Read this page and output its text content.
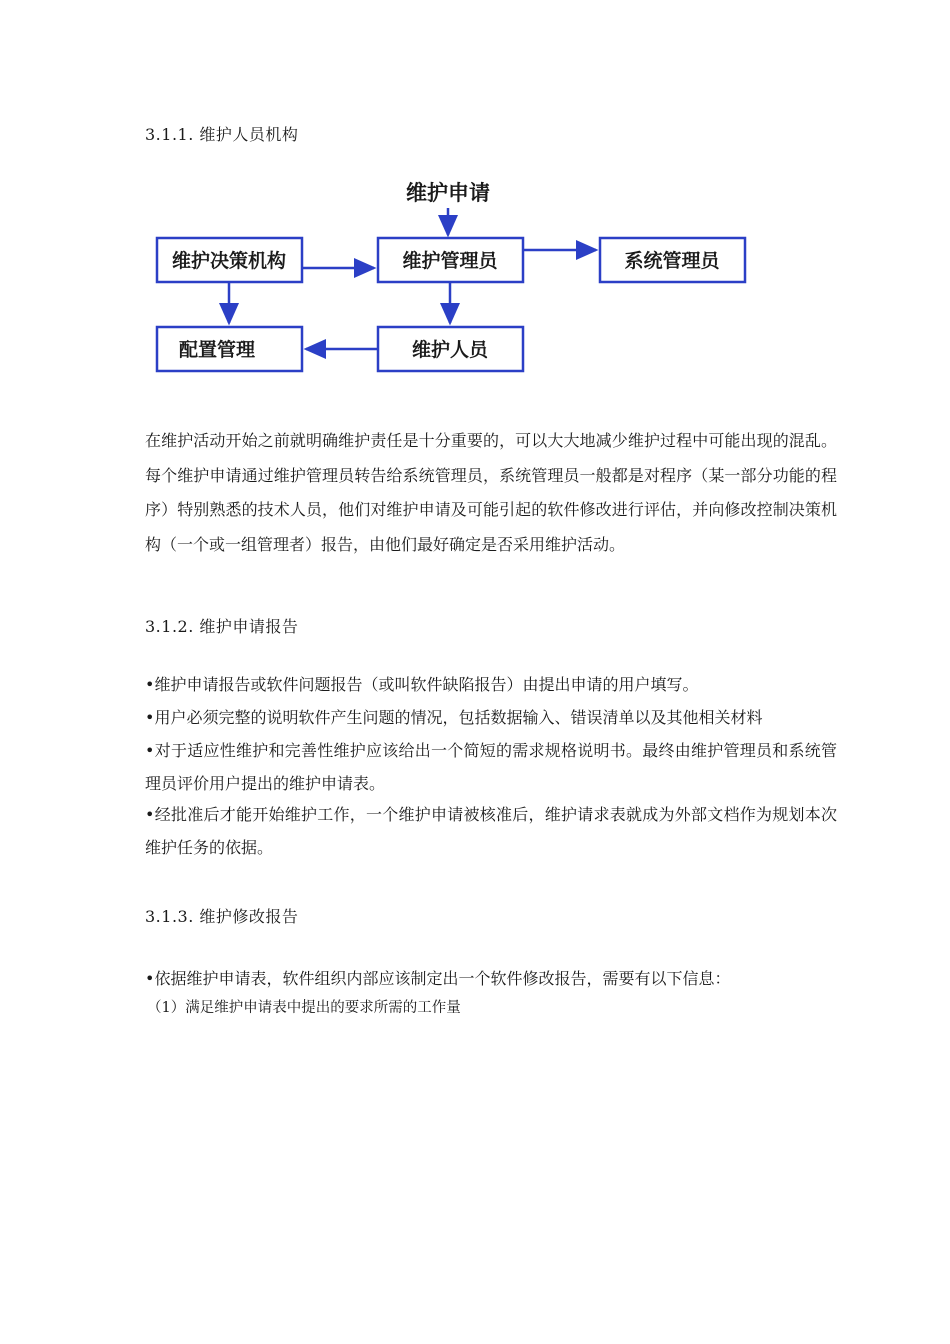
3.1.1. 维护人员机构
维护申请
维护决策机构	维护管理员	系统管理员
配置管理	维护人员
在维护活动开始之前就明确维护责任是十分重要的，可以大大地减少维护过程中可能出现的混乱。每个维护申请通过维护管理员转告给系统管理员，系统管理员一般都是对程序（某一部分功能的程序）特别熟悉的技术人员，他们对维护申请及可能引起的软件修改进行评估，并向修改控制决策机构（一个或一组管理者）报告，由他们最好确定是否采用维护活动。
3.1.2. 维护申请报告
•维护申请报告或软件问题报告（或叫软件缺陷报告）由提出申请的用户填写。
•用户必须完整的说明软件产生问题的情况，包括数据输入、错误清单以及其他相关材料
•对于适应性维护和完善性维护应该给出一个简短的需求规格说明书。最终由维护管理员和系统管理员评价用户提出的维护申请表。
•经批准后才能开始维护工作，一个维护申请被核准后，维护请求表就成为外部文档作为规划本次维护任务的依据。
3.1.3. 维护修改报告
•依据维护申请表，软件组织内部应该制定出一个软件修改报告，需要有以下信息：
（1）满足维护申请表中提出的要求所需的工作量
